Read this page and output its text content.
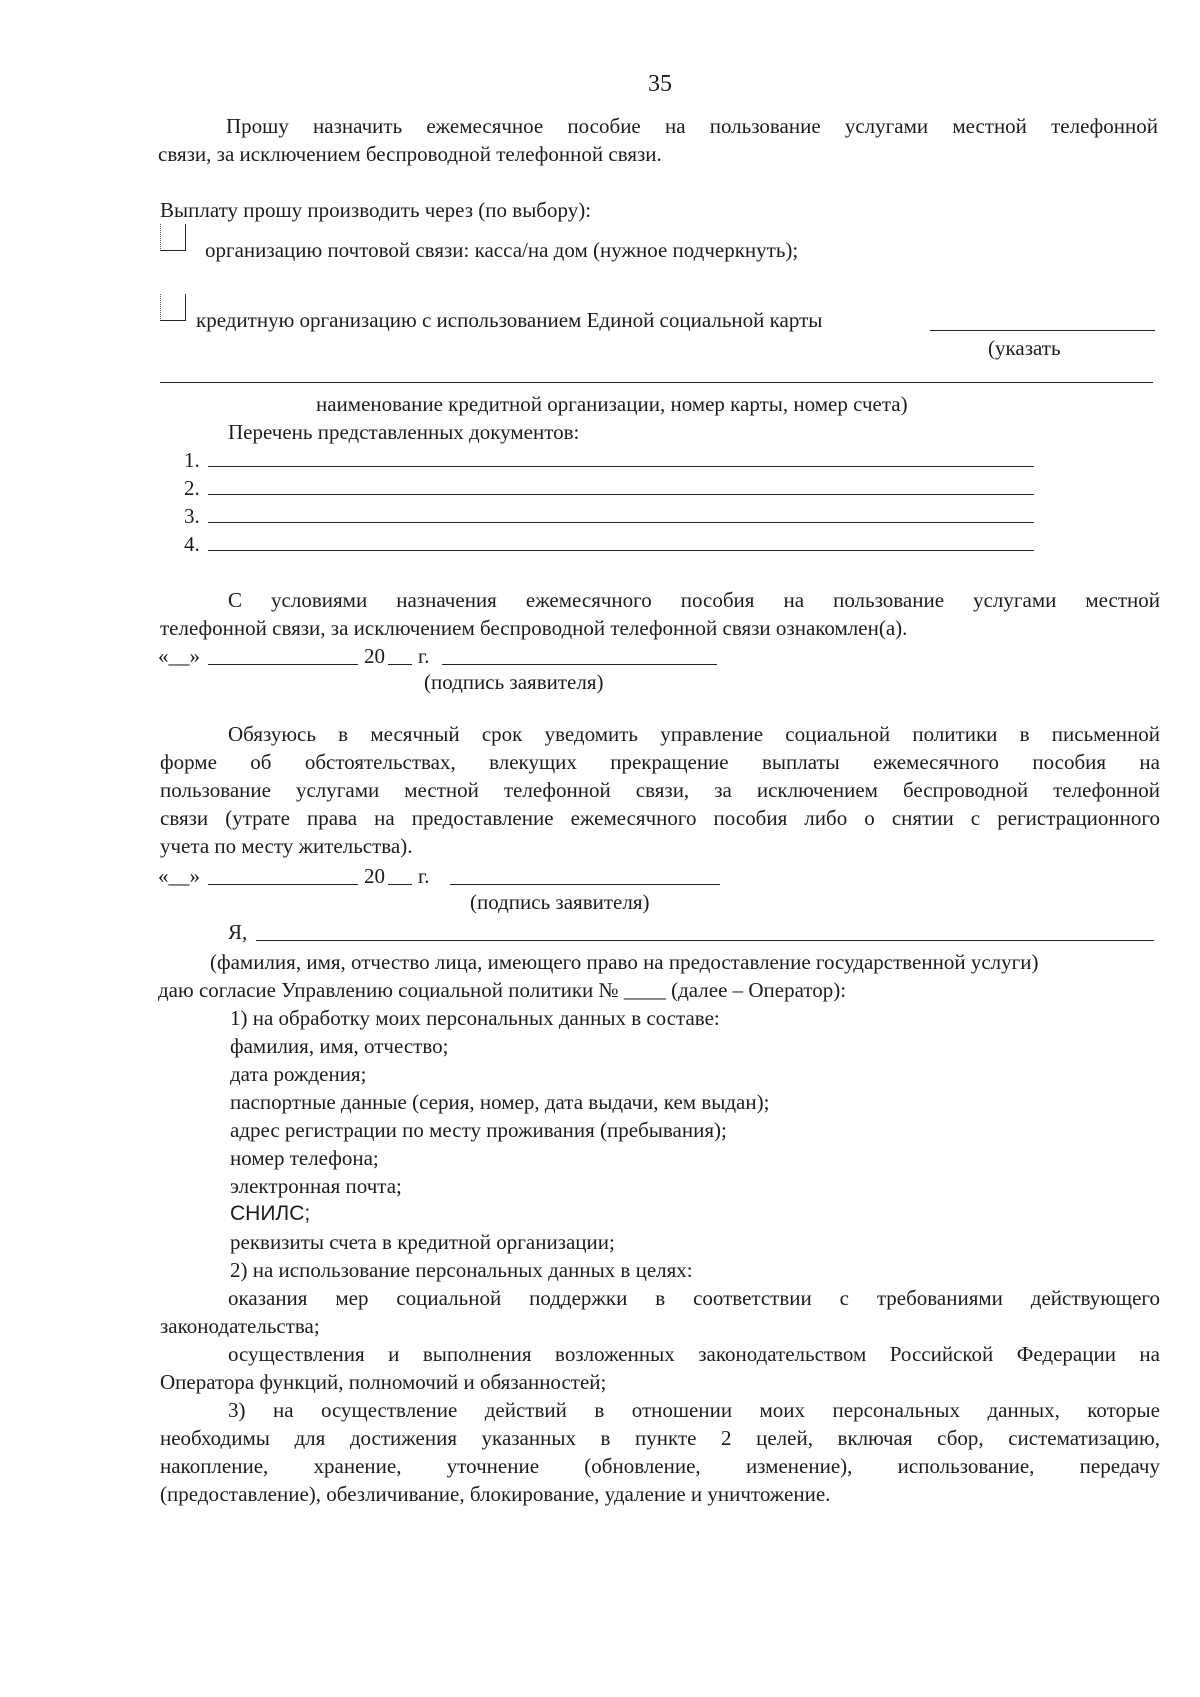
35
Прошу назначить ежемесячное пособие на пользование услугами местной телефонной
связи, за исключением беспроводной телефонной связи.
Выплату прошу производить через (по выбору):
организацию почтовой связи: касса/на дом (нужное подчеркнуть);
кредитную организацию с использованием Единой социальной карты
(указать
наименование кредитной организации, номер карты, номер счета)
Перечень представленных документов:
1.
2.
3.
4.
С условиями назначения ежемесячного пособия на пользование услугами местной
телефонной связи, за исключением беспроводной телефонной связи ознакомлен(а).
«__»	20 г.
(подпись заявителя)
Обязуюсь в месячный срок уведомить управление социальной политики в письменной
форме об обстоятельствах, влекущих прекращение выплаты ежемесячного пособия на
пользование услугами местной телефонной связи, за исключением беспроводной телефонной
связи (утрате права на предоставление ежемесячного пособия либо о снятии с регистрационного
учета по месту жительства).
«__»	20 г.
(подпись заявителя)
Я,
(фамилия, имя, отчество лица, имеющего право на предоставление государственной услуги)
даю согласие Управлению социальной политики № ____ (далее – Оператор):
1) на обработку моих персональных данных в составе:
фамилия, имя, отчество;
дата рождения;
паспортные данные (серия, номер, дата выдачи, кем выдан);
адрес регистрации по месту проживания (пребывания);
номер телефона;
электронная почта;
СНИЛС;
реквизиты счета в кредитной организации;
2) на использование персональных данных в целях:
оказания мер социальной поддержки в соответствии с требованиями действующего
законодательства;
осуществления и выполнения возложенных законодательством Российской Федерации на
Оператора функций, полномочий и обязанностей;
3) на осуществление действий в отношении моих персональных данных, которые
необходимы для достижения указанных в пункте 2 целей, включая сбор, систематизацию,
накопление, хранение, уточнение (обновление, изменение), использование, передачу
(предоставление), обезличивание, блокирование, удаление и уничтожение.
